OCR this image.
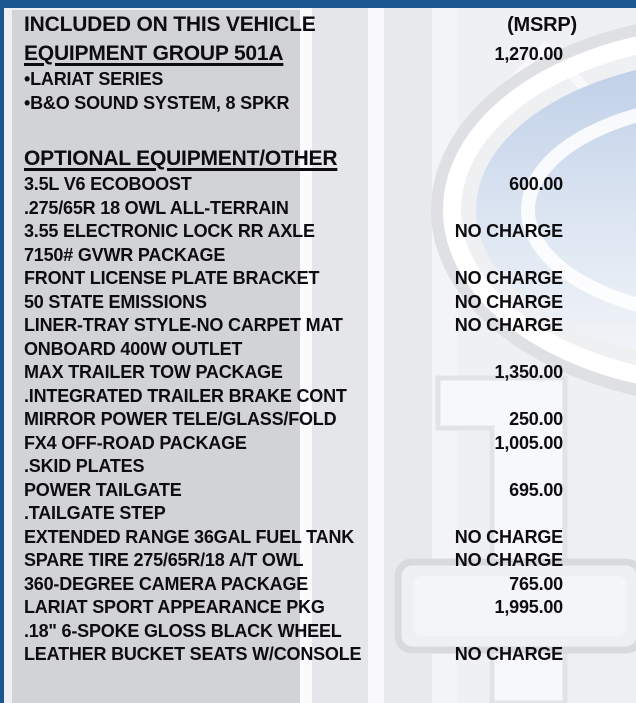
INCLUDED ON THIS VEHICLE	(MSRP)
EQUIPMENT GROUP 501A	1,270.00
•LARIAT SERIES
•B&O SOUND SYSTEM, 8 SPKR
OPTIONAL EQUIPMENT/OTHER
3.5L V6 ECOBOOST	600.00
.275/65R 18 OWL ALL-TERRAIN
3.55 ELECTRONIC LOCK RR AXLE	NO CHARGE
7150# GVWR PACKAGE
FRONT LICENSE PLATE BRACKET	NO CHARGE
50 STATE EMISSIONS	NO CHARGE
LINER-TRAY STYLE-NO CARPET MAT	NO CHARGE
ONBOARD 400W OUTLET
MAX TRAILER TOW PACKAGE	1,350.00
.INTEGRATED TRAILER BRAKE CONT
MIRROR POWER TELE/GLASS/FOLD	250.00
FX4 OFF-ROAD PACKAGE	1,005.00
.SKID PLATES
POWER TAILGATE	695.00
.TAILGATE STEP
EXTENDED RANGE 36GAL FUEL TANK	NO CHARGE
SPARE TIRE 275/65R/18 A/T OWL	NO CHARGE
360-DEGREE CAMERA PACKAGE	765.00
LARIAT SPORT APPEARANCE PKG	1,995.00
.18" 6-SPOKE GLOSS BLACK WHEEL
LEATHER BUCKET SEATS W/CONSOLE	NO CHARGE
